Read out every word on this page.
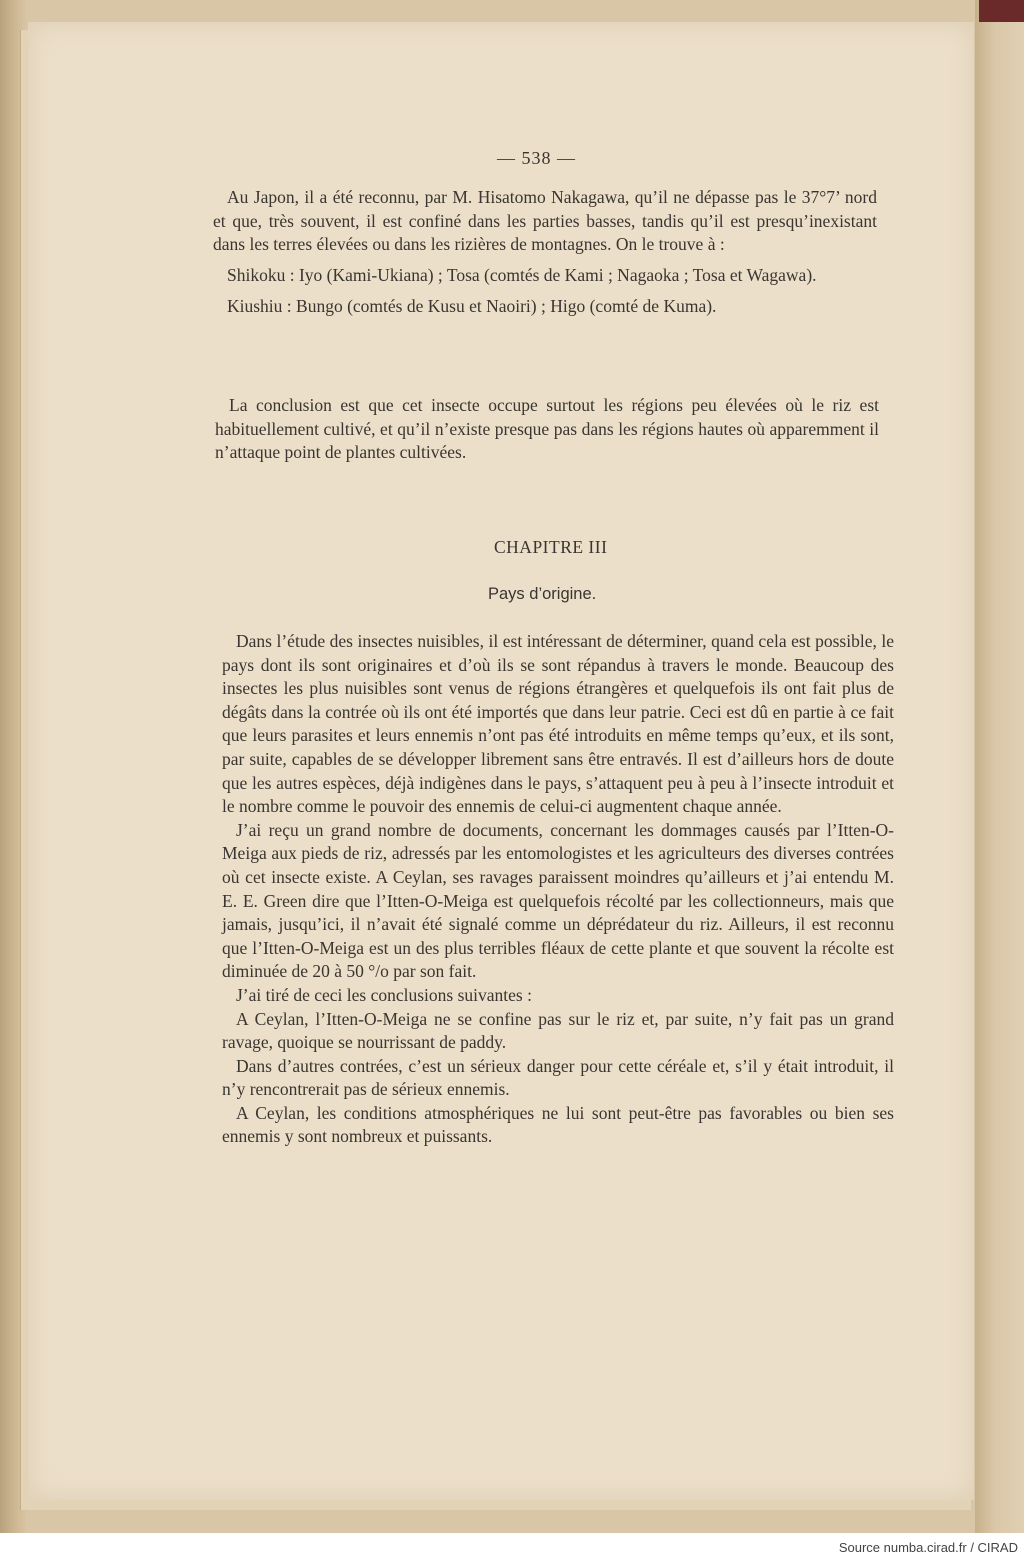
— 538 —

Au Japon, il a été reconnu, par M. Hisatomo Nakagawa, qu’il ne dépasse pas le 37°7’ nord et que, très souvent, il est confiné dans les parties basses, tandis qu’il est presqu’inexistant dans les terres élevées ou dans les rizières de montagnes. On le trouve à :

Shikoku : Iyo (Kami-Ukiana) ; Tosa (comtés de Kami ; Nagaoka ; Tosa et Wagawa).

Kiushiu : Bungo (comtés de Kusu et Naoiri) ; Higo (comté de Kuma).

La conclusion est que cet insecte occupe surtout les régions peu élevées où le riz est habituellement cultivé, et qu’il n’existe presque pas dans les régions hautes où apparemment il n’attaque point de plantes cultivées.

CHAPITRE III
Pays d’origine.

Dans l’étude des insectes nuisibles, il est intéressant de déterminer, quand cela est possible, le pays dont ils sont originaires et d’où ils se sont répandus à travers le monde. Beaucoup des insectes les plus nuisibles sont venus de régions étrangères et quelquefois ils ont fait plus de dégâts dans la contrée où ils ont été importés que dans leur patrie. Ceci est dû en partie à ce fait que leurs parasites et leurs ennemis n’ont pas été introduits en même temps qu’eux, et ils sont, par suite, capables de se développer librement sans être entravés. Il est d’ailleurs hors de doute que les autres espèces, déjà indigènes dans le pays, s’attaquent peu à peu à l’insecte introduit et le nombre comme le pouvoir des ennemis de celui-ci augmentent chaque année.

J’ai reçu un grand nombre de documents, concernant les dommages causés par l’Itten-O-Meiga aux pieds de riz, adressés par les entomologistes et les agriculteurs des diverses contrées où cet insecte existe. A Ceylan, ses ravages paraissent moindres qu’ailleurs et j’ai entendu M. E. E. Green dire que l’Itten-O-Meiga est quelquefois récolté par les collectionneurs, mais que jamais, jusqu’ici, il n’avait été signalé comme un déprédateur du riz. Ailleurs, il est reconnu que l’Itten-O-Meiga est un des plus terribles fléaux de cette plante et que souvent la récolte est diminuée de 20 à 50 °/o par son fait.

J’ai tiré de ceci les conclusions suivantes :

A Ceylan, l’Itten-O-Meiga ne se confine pas sur le riz et, par suite, n’y fait pas un grand ravage, quoique se nourrissant de paddy.

Dans d’autres contrées, c’est un sérieux danger pour cette céréale et, s’il y était introduit, il n’y rencontrerait pas de sérieux ennemis.

A Ceylan, les conditions atmosphériques ne lui sont peut-être pas favorables ou bien ses ennemis y sont nombreux et puissants.

Source numba.cirad.fr / CIRAD
